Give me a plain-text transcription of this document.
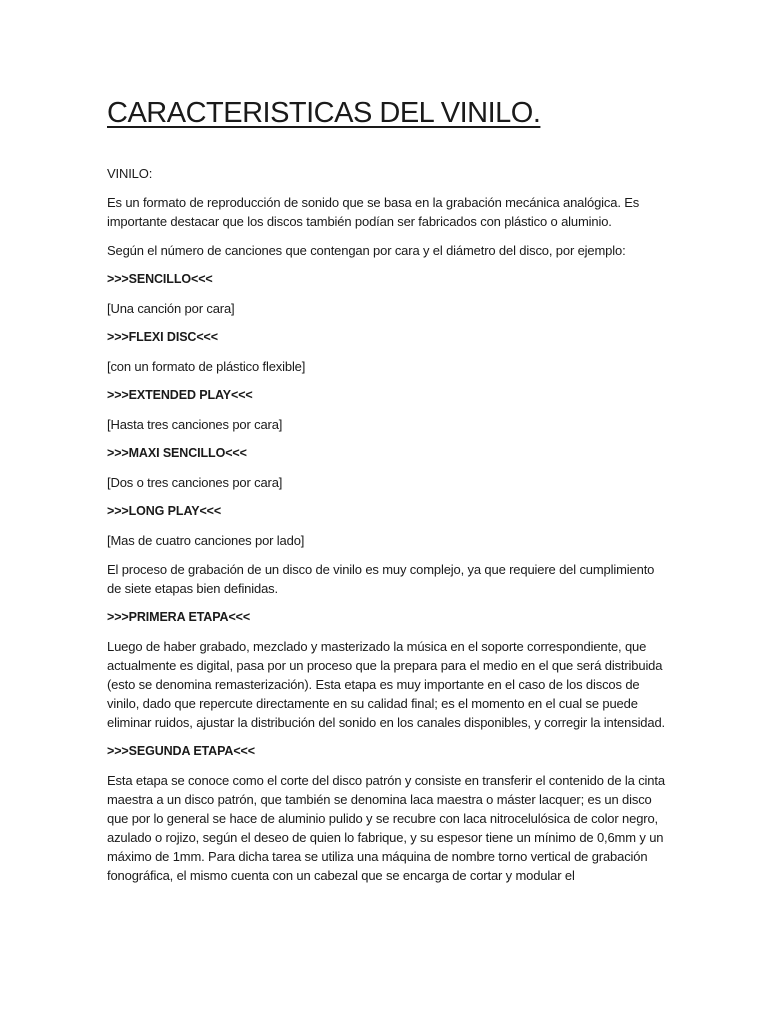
CARACTERISTICAS DEL VINILO.

VINILO:

Es un formato de reproducción de sonido que se basa en la grabación mecánica analógica. Es importante destacar que los discos también podían ser fabricados con plástico o aluminio.

Según el número de canciones que contengan por cara y el diámetro del disco, por ejemplo:

>>>SENCILLO<<<

[Una canción por cara]

>>>FLEXI DISC<<<

[con un formato de plástico flexible]

>>>EXTENDED PLAY<<<

[Hasta tres canciones por cara]

>>>MAXI SENCILLO<<<

[Dos o tres canciones por cara]

>>>LONG PLAY<<<

[Mas de cuatro canciones por lado]

El proceso de grabación de un disco de vinilo es muy complejo, ya que requiere del cumplimiento de siete etapas bien definidas.

>>>PRIMERA ETAPA<<<

Luego de haber grabado, mezclado y masterizado la música en el soporte correspondiente, que actualmente es digital, pasa por un proceso que la prepara para el medio en el que será distribuida (esto se denomina remasterización). Esta etapa es muy importante en el caso de los discos de vinilo, dado que repercute directamente en su calidad final; es el momento en el cual se puede eliminar ruidos, ajustar la distribución del sonido en los canales disponibles, y corregir la intensidad.

>>>SEGUNDA ETAPA<<<

Esta etapa se conoce como el corte del disco patrón y consiste en transferir el contenido de la cinta maestra a un disco patrón, que también se denomina laca maestra o máster lacquer; es un disco que por lo general se hace de aluminio pulido y se recubre con laca nitrocelulósica de color negro, azulado o rojizo, según el deseo de quien lo fabrique, y su espesor tiene un mínimo de 0,6mm y un máximo de 1mm. Para dicha tarea se utiliza una máquina de nombre torno vertical de grabación fonográfica, el mismo cuenta con un cabezal que se encarga de cortar y modular el
